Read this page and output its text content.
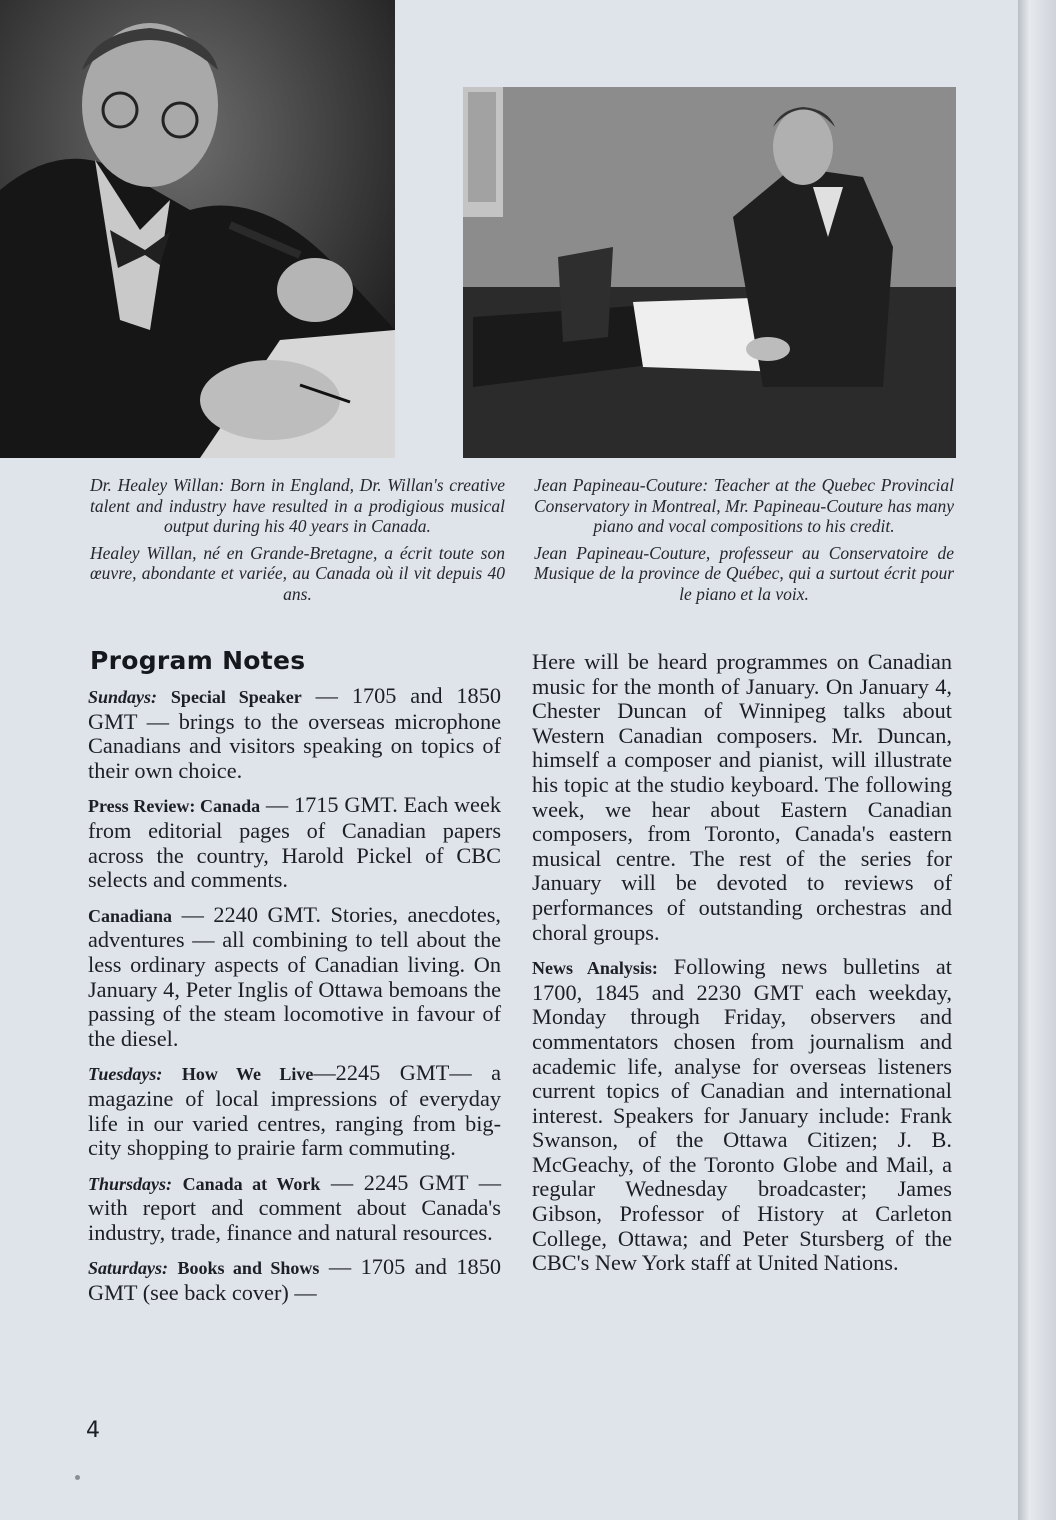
Dr. Healey Willan: Born in England, Dr. Willan's creative talent and industry have resulted in a prodigious musical output during his 40 years in Canada.

Healey Willan, né en Grande-Bretagne, a écrit toute son œuvre, abondante et variée, au Canada où il vit depuis 40 ans.

Jean Papineau-Couture: Teacher at the Quebec Provincial Conservatory in Montreal, Mr. Papineau-Couture has many piano and vocal compositions to his credit.

Jean Papineau-Couture, professeur au Conservatoire de Musique de la province de Québec, qui a surtout écrit pour le piano et la voix.

Program Notes

Sundays: Special Speaker — 1705 and 1850 GMT — brings to the overseas microphone Canadians and visitors speaking on topics of their own choice.

Press Review: Canada — 1715 GMT. Each week from editorial pages of Canadian papers across the country, Harold Pickel of CBC selects and comments.

Canadiana — 2240 GMT. Stories, anecdotes, adventures — all combining to tell about the less ordinary aspects of Canadian living. On January 4, Peter Inglis of Ottawa bemoans the passing of the steam locomotive in favour of the diesel.

Tuesdays: How We Live—2245 GMT— a magazine of local impressions of everyday life in our varied centres, ranging from big-city shopping to prairie farm commuting.

Thursdays: Canada at Work — 2245 GMT — with report and comment about Canada's industry, trade, finance and natural resources.

Saturdays: Books and Shows — 1705 and 1850 GMT (see back cover) —

Here will be heard programmes on Canadian music for the month of January. On January 4, Chester Duncan of Winnipeg talks about Western Canadian composers. Mr. Duncan, himself a composer and pianist, will illustrate his topic at the studio keyboard. The following week, we hear about Eastern Canadian composers, from Toronto, Canada's eastern musical centre. The rest of the series for January will be devoted to reviews of performances of outstanding orchestras and choral groups.

News Analysis: Following news bulletins at 1700, 1845 and 2230 GMT each weekday, Monday through Friday, observers and commentators chosen from journalism and academic life, analyse for overseas listeners current topics of Canadian and international interest. Speakers for January include: Frank Swanson, of the Ottawa Citizen; J. B. McGeachy, of the Toronto Globe and Mail, a regular Wednesday broadcaster; James Gibson, Professor of History at Carleton College, Ottawa; and Peter Stursberg of the CBC's New York staff at United Nations.

4
